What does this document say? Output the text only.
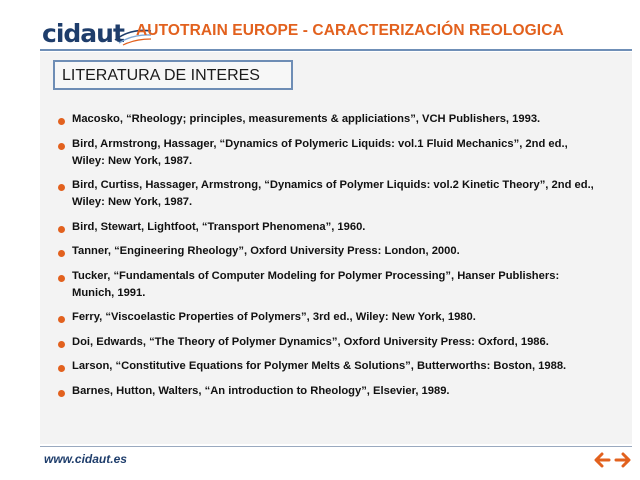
cidaut AUTOTRAIN EUROPE - CARACTERIZACIÓN REOLOGICA
LITERATURA DE INTERES
Macosko, “Rheology; principles, measurements & appliciations”, VCH Publishers, 1993.
Bird, Armstrong, Hassager, “Dynamics of Polymeric Liquids: vol.1 Fluid Mechanics”, 2nd ed.,
Wiley: New York, 1987.
Bird, Curtiss, Hassager, Armstrong, “Dynamics of Polymer Liquids: vol.2 Kinetic Theory”, 2nd ed.,
Wiley: New York, 1987.
Bird, Stewart, Lightfoot, “Transport Phenomena”, 1960.
Tanner, “Engineering Rheology”, Oxford University Press: London, 2000.
Tucker, “Fundamentals of Computer Modeling for Polymer Processing”, Hanser Publishers:
Munich, 1991.
Ferry, “Viscoelastic Properties of Polymers”, 3rd ed., Wiley: New York, 1980.
Doi, Edwards, “The Theory of Polymer Dynamics”, Oxford University Press: Oxford, 1986.
Larson, “Constitutive Equations for Polymer Melts & Solutions”, Butterworths: Boston, 1988.
Barnes, Hutton, Walters, “An introduction to Rheology”, Elsevier, 1989.
www.cidaut.es
